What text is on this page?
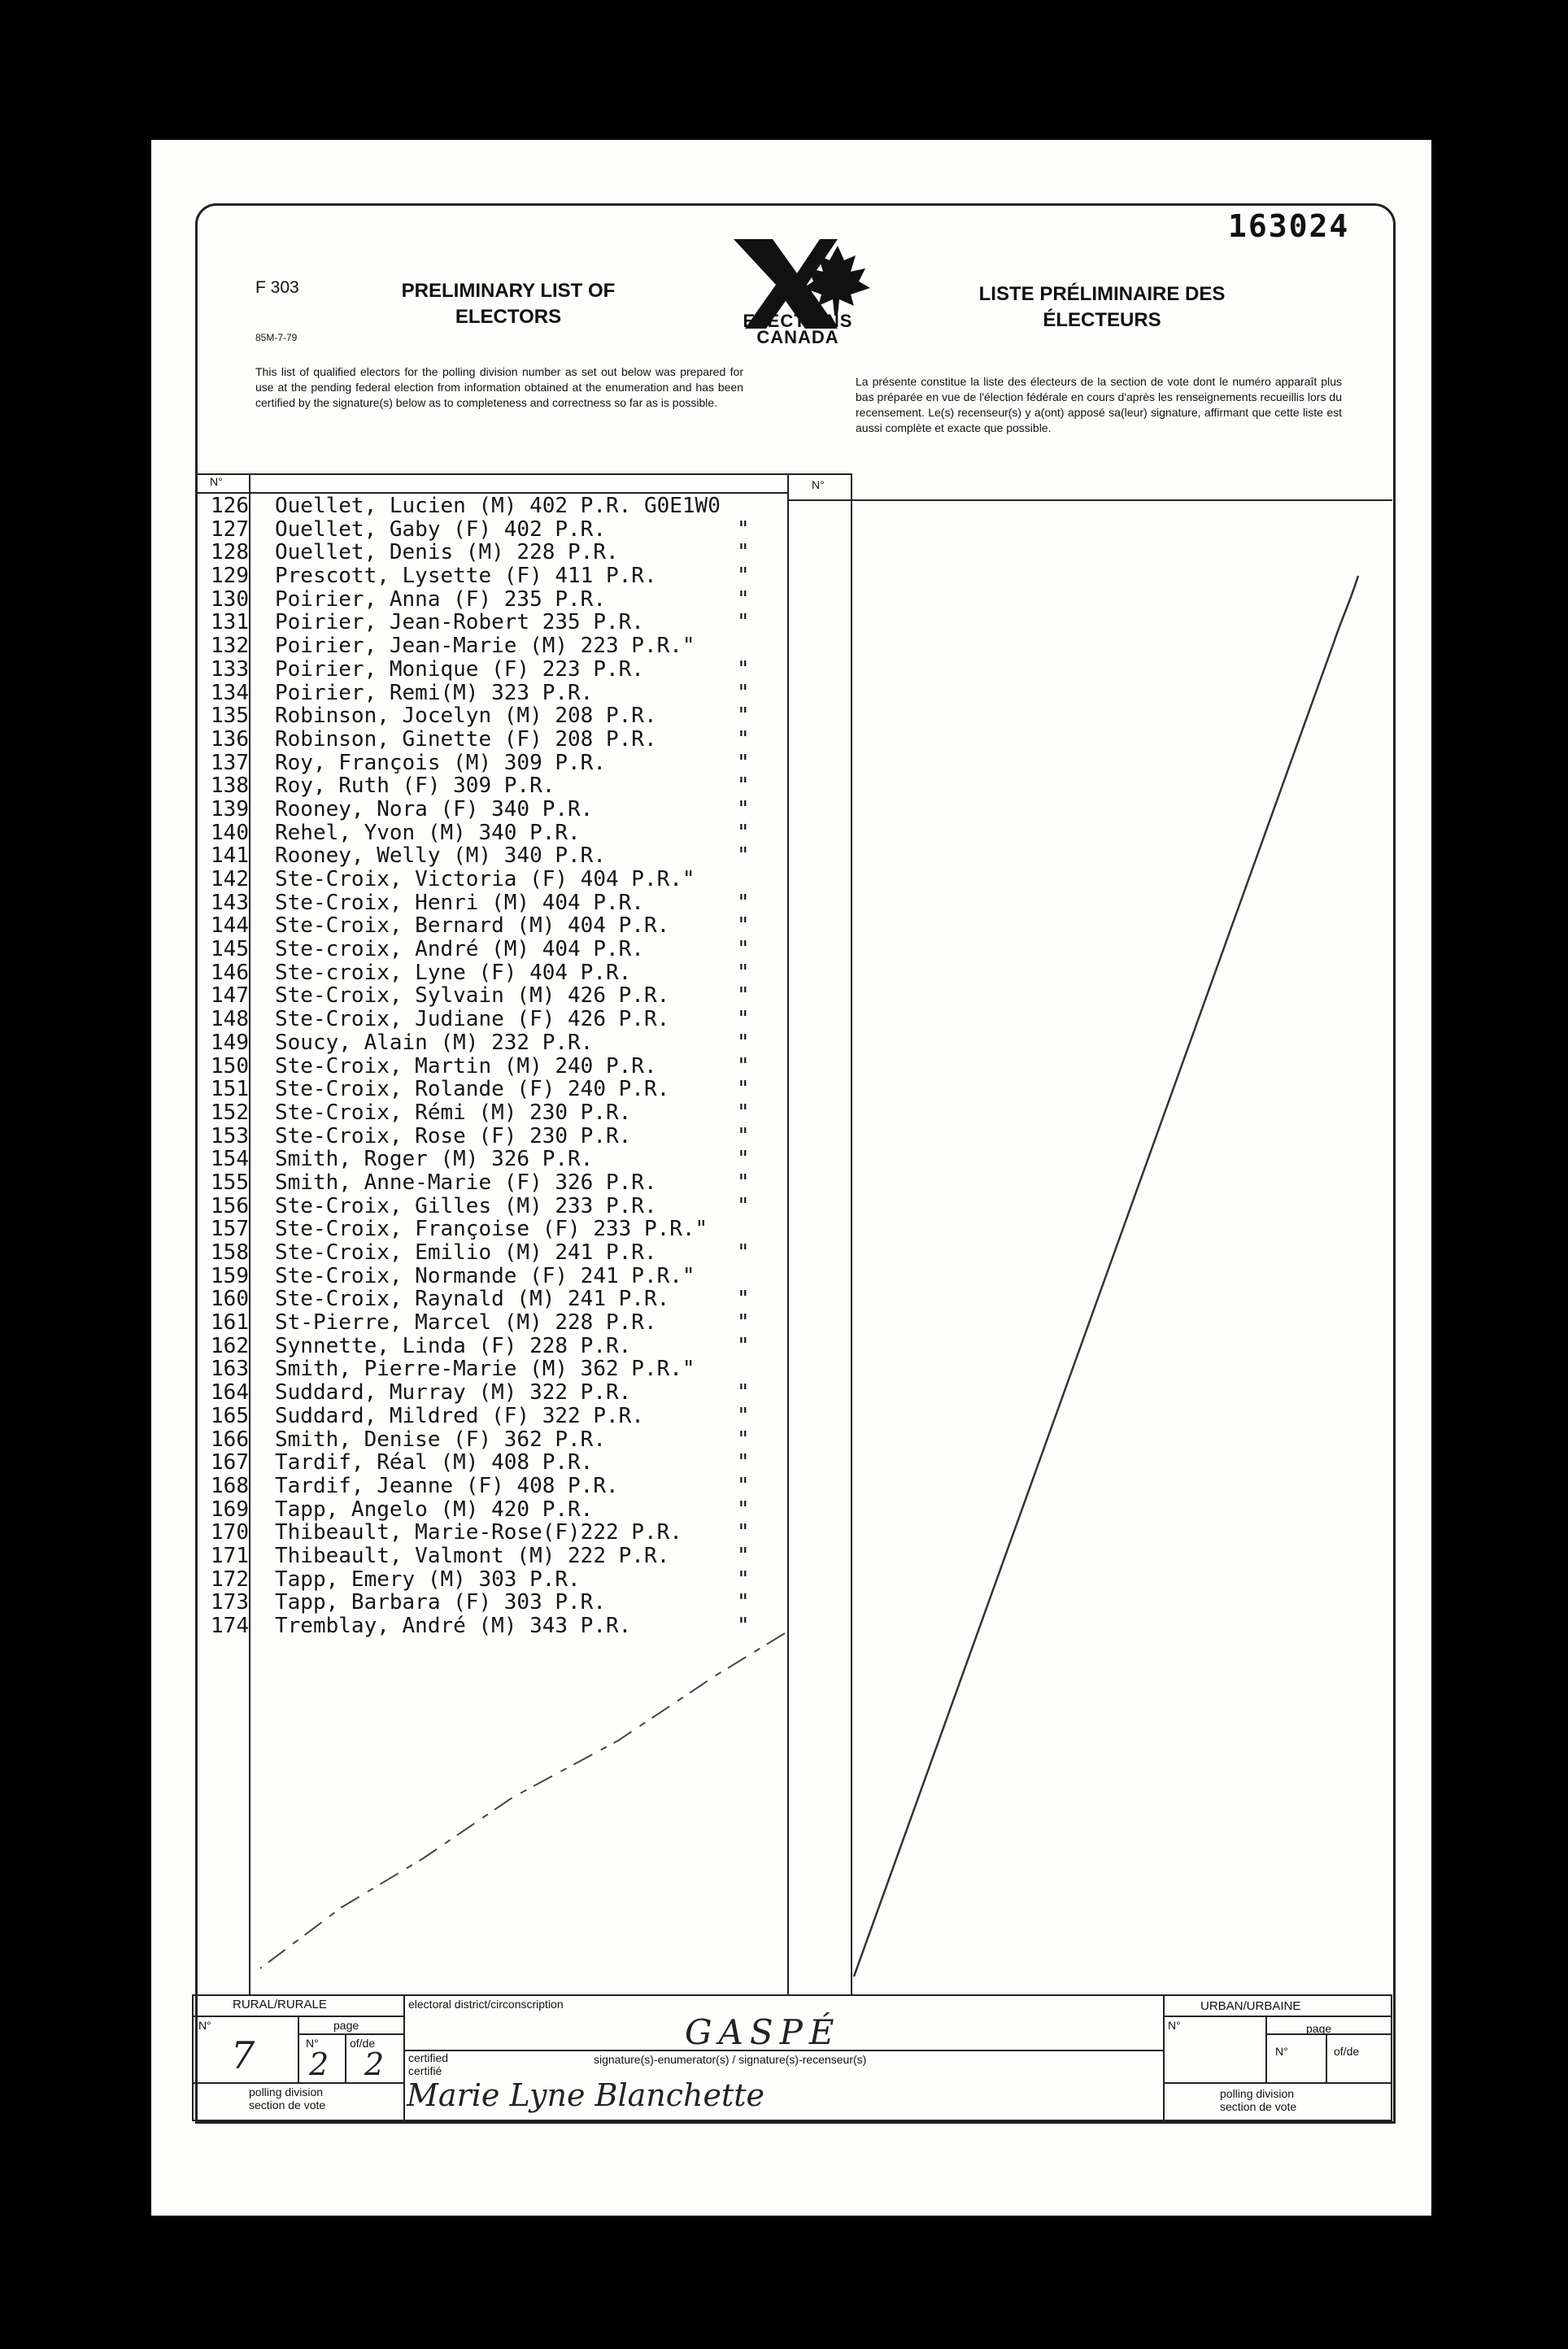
163024
F 303
85M-7-79
PRELIMINARY LIST OF
ELECTORS	ELECTIONS
CANADA
LISTE PRÉLIMINAIRE DES
ÉLECTEURS
This list of qualified electors for the polling division number as set out below was prepared for use at the pending federal election from information obtained at the enumeration and has been certified by the signature(s) below as to completeness and correctness so far as is possible.
La présente constitue la liste des électeurs de la section de vote dont le numéro apparaît plus bas préparée en vue de l'élection fédérale en cours d'après les renseignements recueillis lors du recensement. Le(s) recenseur(s) y a(ont) apposé sa(leur) signature, affirmant que cette liste est aussi complète et exacte que possible.
N°	N°
126 Ouellet, Lucien (M) 402 P.R. G0E1W0
127 Ouellet, Gaby (F) 402 P.R.	"
128 Ouellet, Denis (M) 228 P.R.	"
129 Prescott, Lysette (F) 411 P.R.	"
130 Poirier, Anna (F) 235 P.R.	"
131 Poirier, Jean-Robert 235 P.R.	"
132 Poirier, Jean-Marie (M) 223 P.R."
133 Poirier, Monique (F) 223 P.R.	"
134 Poirier, Remi(M) 323 P.R.	"
135 Robinson, Jocelyn (M) 208 P.R.	"
136 Robinson, Ginette (F) 208 P.R.	"
137 Roy, François (M) 309 P.R.	"
138 Roy, Ruth (F) 309 P.R.	"
139 Rooney, Nora (F) 340 P.R.	"
140 Rehel, Yvon (M) 340 P.R.	"
141 Rooney, Welly (M) 340 P.R.	"
142 Ste-Croix, Victoria (F) 404 P.R."
143 Ste-Croix, Henri (M) 404 P.R.	"
144 Ste-Croix, Bernard (M) 404 P.R.	"
145 Ste-croix, André (M) 404 P.R.	"
146 Ste-croix, Lyne (F) 404 P.R.	"
147 Ste-Croix, Sylvain (M) 426 P.R.	"
148 Ste-Croix, Judiane (F) 426 P.R.	"
149 Soucy, Alain (M) 232 P.R.	"
150 Ste-Croix, Martin (M) 240 P.R.	"
151 Ste-Croix, Rolande (F) 240 P.R.	"
152 Ste-Croix, Rémi (M) 230 P.R.	"
153 Ste-Croix, Rose (F) 230 P.R.	"
154 Smith, Roger (M) 326 P.R.	"
155 Smith, Anne-Marie (F) 326 P.R.	"
156 Ste-Croix, Gilles (M) 233 P.R.	"
157 Ste-Croix, Françoise (F) 233 P.R."
158 Ste-Croix, Emilio (M) 241 P.R.	"
159 Ste-Croix, Normande (F) 241 P.R."
160 Ste-Croix, Raynald (M) 241 P.R.	"
161 St-Pierre, Marcel (M) 228 P.R.	"
162 Synnette, Linda (F) 228 P.R.	"
163 Smith, Pierre-Marie (M) 362 P.R."
164 Suddard, Murray (M) 322 P.R.	"
165 Suddard, Mildred (F) 322 P.R.	"
166 Smith, Denise (F) 362 P.R.	"
167 Tardif, Réal (M) 408 P.R.	"
168 Tardif, Jeanne (F) 408 P.R.	"
169 Tapp, Angelo (M) 420 P.R.	"
170 Thibeault, Marie-Rose(F)222 P.R.	"
171 Thibeault, Valmont (M) 222 P.R.	"
172 Tapp, Emery (M) 303 P.R.	"
173 Tapp, Barbara (F) 303 P.R.	"
174 Tremblay, André (M) 343 P.R.	"
RURAL/RURALE	URBAN/URBAINE
N°	page
N°	of/de
N°	page
N°	of/de
polling division
section de vote
polling division
section de vote
electoral district/circonscription
certified
certifié
signature(s)-enumerator(s) / signature(s)-recenseur(s)
GASPÉ
7 2 2
Marie Lyne Blanchette
